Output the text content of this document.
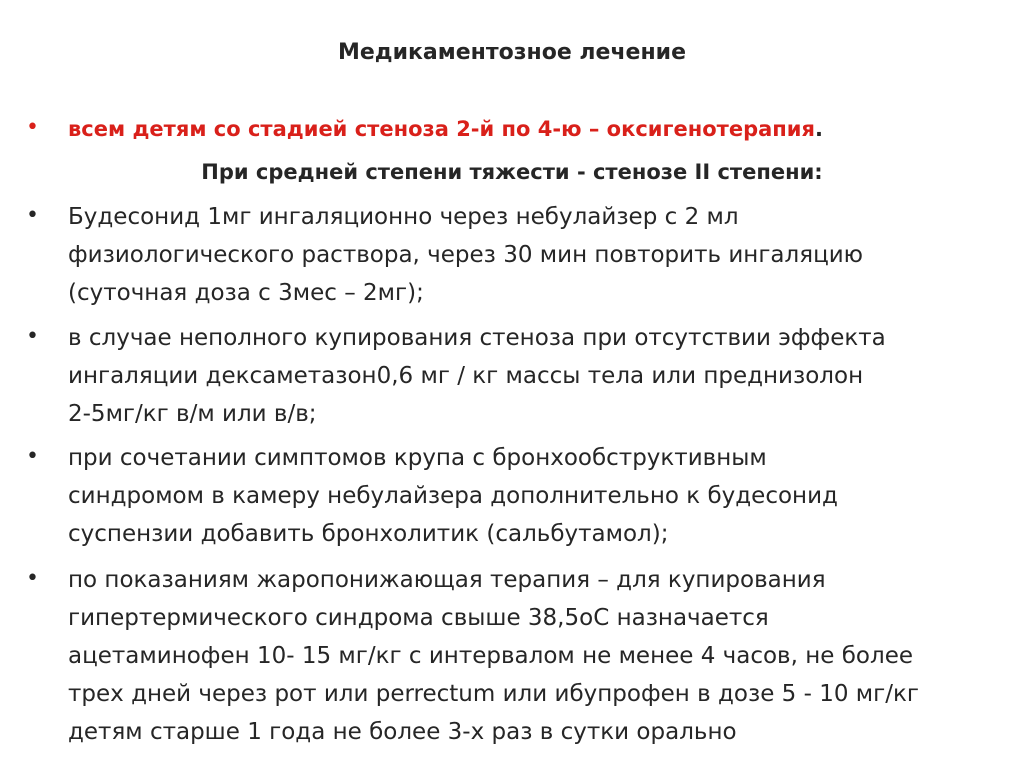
Медикаментозное лечение
• всем детям со стадией стеноза 2-й по 4-ю – оксигенотерапия.
При средней степени тяжести - стенозе II степени:
• Будесонид 1мг ингаляционно через небулайзер с 2 мл
физиологического раствора, через 30 мин повторить ингаляцию
(суточная доза с 3мес – 2мг);
• в случае неполного купирования стеноза при отсутствии эффекта
ингаляции дексаметазон0,6 мг / кг массы тела или преднизолон
2-5мг/кг в/м или в/в;
• при сочетании симптомов крупа с бронхообструктивным
синдромом в камеру небулайзера дополнительно к будесонид
суспензии добавить бронхолитик (сальбутамол);
• по показаниям жаропонижающая терапия – для купирования
гипертермического синдрома свыше 38,5оС назначается
ацетаминофен 10- 15 мг/кг с интервалом не менее 4 часов, не более
трех дней через рот или perrectum или ибупрофен в дозе 5 - 10 мг/кг
детям старше 1 года не более 3-х раз в сутки орально
